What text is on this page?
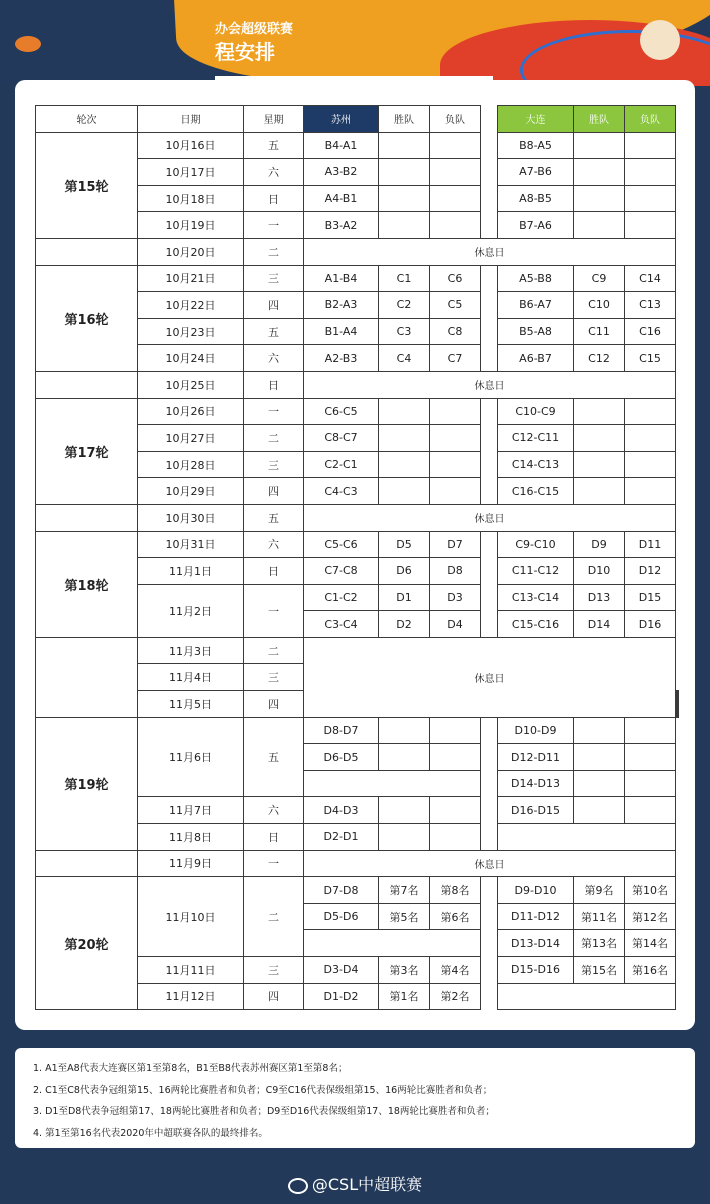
办会超级联赛
程安排
轮次	日期	星期	苏州	胜队	负队		大连	胜队	负队		
第15轮	10月16日	五	B4-A1				B8-A5				
	10月17日	六	A3-B2				A7-B6				
	10月18日	日	A4-B1				A8-B5				
	10月19日	一	B3-A2				B7-A6				
	10月20日	二	休息日								
第16轮	10月21日	三	A1-B4	C1	C6		A5-B8	C9	C14		
	10月22日	四	B2-A3	C2	C5		B6-A7	C10	C13		
	10月23日	五	B1-A4	C3	C8		B5-A8	C11	C16		
	10月24日	六	A2-B3	C4	C7		A6-B7	C12	C15		
	10月25日	日	休息日								
第17轮	10月26日	一	C6-C5				C10-C9				
	10月27日	二	C8-C7				C12-C11				
	10月28日	三	C2-C1				C14-C13				
	10月29日	四	C4-C3				C16-C15				
	10月30日	五	休息日								
第18轮	10月31日	六	C5-C6	D5	D7		C9-C10	D9	D11		
	11月1日	日	C7-C8	D6	D8		C11-C12	D10	D12		
	11月2日	一	C1-C2	D1	D3		C13-C14	D13	D15		
			C3-C4	D2	D4		C15-C16	D14	D16		
	11月3日	二	休息日								
	11月4日	三									
	11月5日	四									
第19轮	11月6日	五	D8-D7				D10-D9				
			D6-D5				D12-D11				
							D14-D13				
	11月7日	六	D4-D3				D16-D15				
	11月8日	日	D2-D1								
	11月9日	一	休息日								
第20轮	11月10日	二	D7-D8	第7名	第8名		D9-D10	第9名	第10名		
			D5-D6	第5名	第6名		D11-D12	第11名	第12名		
							D13-D14	第13名	第14名		
	11月11日	三	D3-D4	第3名	第4名		D15-D16	第15名	第16名		
	11月12日	四	D1-D2	第1名	第2名						
1. A1至A8代表大连赛区第1至第8名，B1至B8代表苏州赛区第1至第8名；
2. C1至C8代表争冠组第15、16两轮比赛胜者和负者；C9至C16代表保级组第15、16两轮比赛胜者和负者；
3. D1至D8代表争冠组第17、18两轮比赛胜者和负者；D9至D16代表保级组第17、18两轮比赛胜者和负者；
4. 第1至第16名代表2020年中超联赛各队的最终排名。
@CSL中超联赛
